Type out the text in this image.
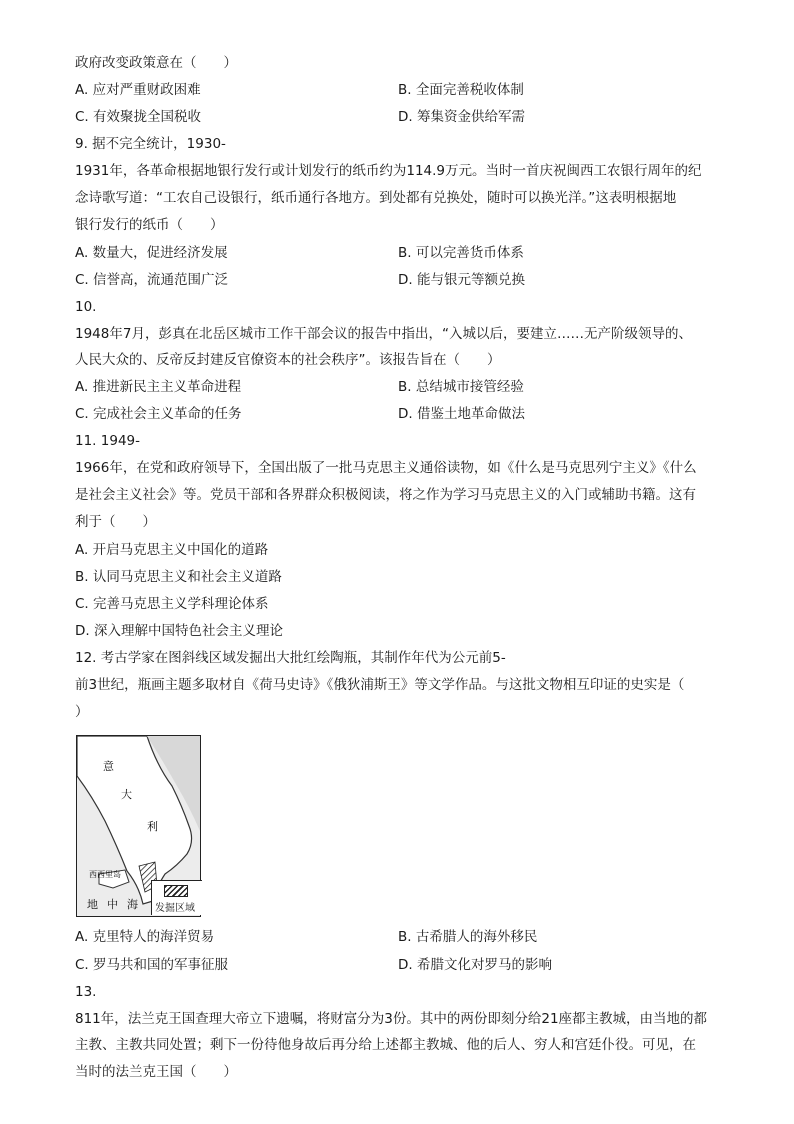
政府改变政策意在（　　）
A. 应对严重财政困难	B. 全面完善税收体制
C. 有效聚拢全国税收	D. 筹集资金供给军需
9. 据不完全统计，1930-
1931年，各革命根据地银行发行或计划发行的纸币约为114.9万元。当时一首庆祝闽西工农银行周年的纪
念诗歌写道：“工农自己设银行，纸币通行各地方。到处都有兑换处，随时可以换光洋。”这表明根据地
银行发行的纸币（　　）
A. 数量大，促进经济发展	B. 可以完善货币体系
C. 信誉高，流通范围广泛	D. 能与银元等额兑换
10.
1948年7月，彭真在北岳区城市工作干部会议的报告中指出，“入城以后，要建立……无产阶级领导的、
人民大众的、反帝反封建反官僚资本的社会秩序”。该报告旨在（　　）
A. 推进新民主主义革命进程	B. 总结城市接管经验
C. 完成社会主义革命的任务	D. 借鉴土地革命做法
11. 1949-
1966年，在党和政府领导下，全国出版了一批马克思主义通俗读物，如《什么是马克思列宁主义》《什么
是社会主义社会》等。党员干部和各界群众积极阅读，将之作为学习马克思主义的入门或辅助书籍。这有
利于（　　）
A. 开启马克思主义中国化的道路
B. 认同马克思主义和社会主义道路
C. 完善马克思主义学科理论体系
D. 深入理解中国特色社会主义理论
12. 考古学家在图斜线区域发掘出大批红绘陶瓶，其制作年代为公元前5-
前3世纪，瓶画主题多取材自《荷马史诗》《俄狄浦斯王》等文学作品。与这批文物相互印证的史实是（
）
意
大
利
西西里岛
地 中 海 发掘区域
A. 克里特人的海洋贸易	B. 古希腊人的海外移民
C. 罗马共和国的军事征服	D. 希腊文化对罗马的影响
13.
811年，法兰克王国查理大帝立下遗嘱，将财富分为3份。其中的两份即刻分给21座都主教城，由当地的都
主教、主教共同处置；剩下一份待他身故后再分给上述都主教城、他的后人、穷人和宫廷仆役。可见，在
当时的法兰克王国（　　）
